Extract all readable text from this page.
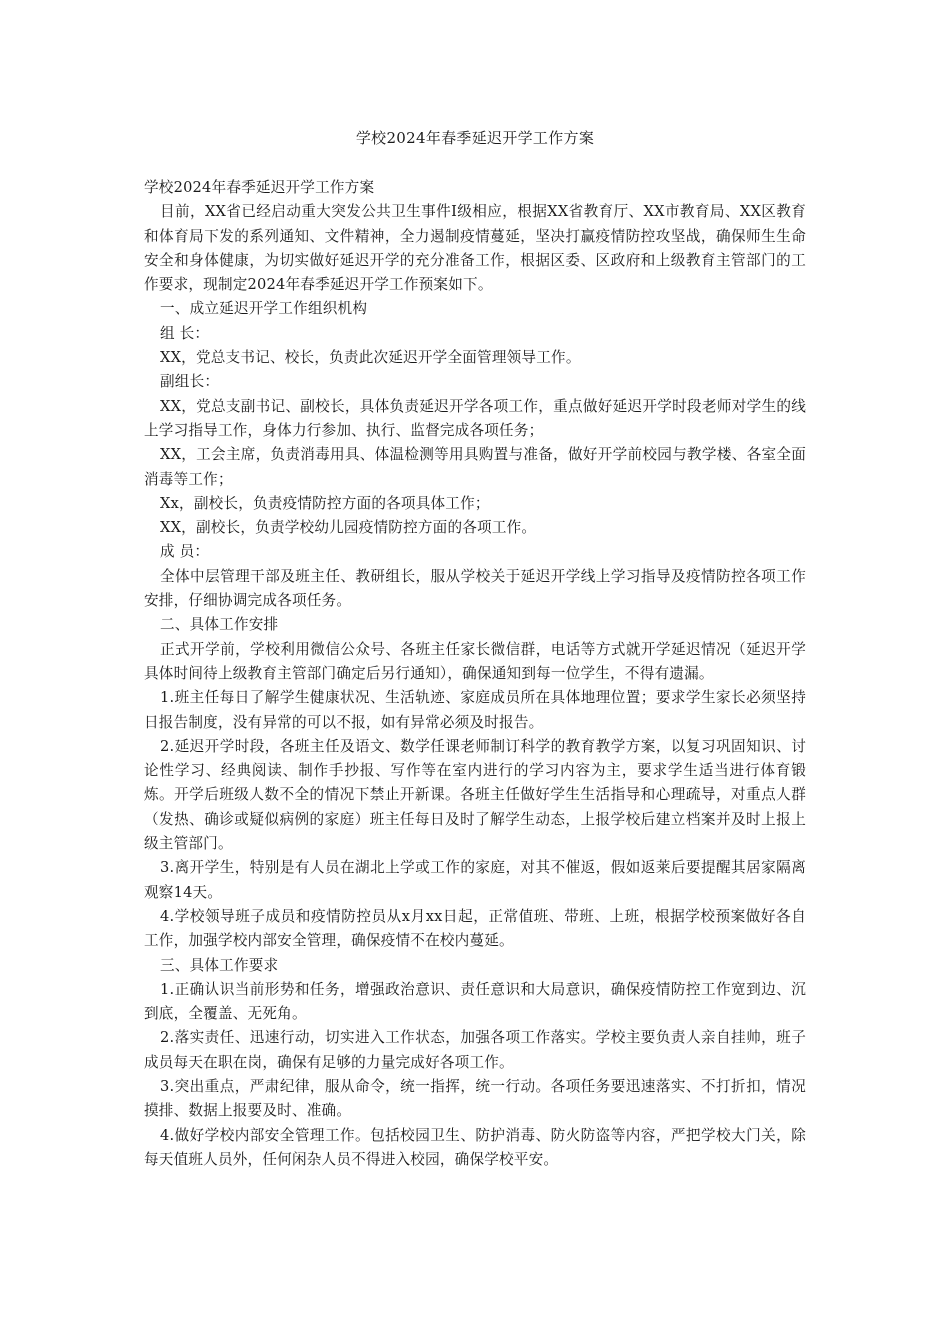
学校2024年春季延迟开学工作方案

学校2024年春季延迟开学工作方案

目前，XX省已经启动重大突发公共卫生事件Ⅰ级相应，根据XX省教育厅、XX市教育局、XX区教育和体育局下发的系列通知、文件精神，全力遏制疫情蔓延，坚决打赢疫情防控攻坚战，确保师生生命安全和身体健康，为切实做好延迟开学的充分准备工作，根据区委、区政府和上级教育主管部门的工作要求，现制定2024年春季延迟开学工作预案如下。

一、成立延迟开学工作组织机构

组 长：

XX，党总支书记、校长，负责此次延迟开学全面管理领导工作。

副组长：

XX，党总支副书记、副校长，具体负责延迟开学各项工作，重点做好延迟开学时段老师对学生的线上学习指导工作，身体力行参加、执行、监督完成各项任务；

XX，工会主席，负责消毒用具、体温检测等用具购置与准备，做好开学前校园与教学楼、各室全面消毒等工作；

Xx，副校长，负责疫情防控方面的各项具体工作；

XX，副校长，负责学校幼儿园疫情防控方面的各项工作。

成 员：

全体中层管理干部及班主任、教研组长，服从学校关于延迟开学线上学习指导及疫情防控各项工作安排，仔细协调完成各项任务。

二、具体工作安排

正式开学前，学校利用微信公众号、各班主任家长微信群，电话等方式就开学延迟情况（延迟开学具体时间待上级教育主管部门确定后另行通知），确保通知到每一位学生，不得有遗漏。

1.班主任每日了解学生健康状况、生活轨迹、家庭成员所在具体地理位置；要求学生家长必须坚持日报告制度，没有异常的可以不报，如有异常必须及时报告。

2.延迟开学时段，各班主任及语文、数学任课老师制订科学的教育教学方案，以复习巩固知识、讨论性学习、经典阅读、制作手抄报、写作等在室内进行的学习内容为主，要求学生适当进行体育锻炼。开学后班级人数不全的情况下禁止开新课。各班主任做好学生生活指导和心理疏导，对重点人群（发热、确诊或疑似病例的家庭）班主任每日及时了解学生动态，上报学校后建立档案并及时上报上级主管部门。

3.离开学生，特别是有人员在湖北上学或工作的家庭，对其不催返，假如返莱后要提醒其居家隔离观察14天。

4.学校领导班子成员和疫情防控员从x月xx日起，正常值班、带班、上班，根据学校预案做好各自工作，加强学校内部安全管理，确保疫情不在校内蔓延。

三、具体工作要求

1.正确认识当前形势和任务，增强政治意识、责任意识和大局意识，确保疫情防控工作宽到边、沉到底，全覆盖、无死角。

2.落实责任、迅速行动，切实进入工作状态，加强各项工作落实。学校主要负责人亲自挂帅，班子成员每天在职在岗，确保有足够的力量完成好各项工作。

3.突出重点，严肃纪律，服从命令，统一指挥，统一行动。各项任务要迅速落实、不打折扣，情况摸排、数据上报要及时、准确。

4.做好学校内部安全管理工作。包括校园卫生、防护消毒、防火防盗等内容，严把学校大门关，除每天值班人员外，任何闲杂人员不得进入校园，确保学校平安。
